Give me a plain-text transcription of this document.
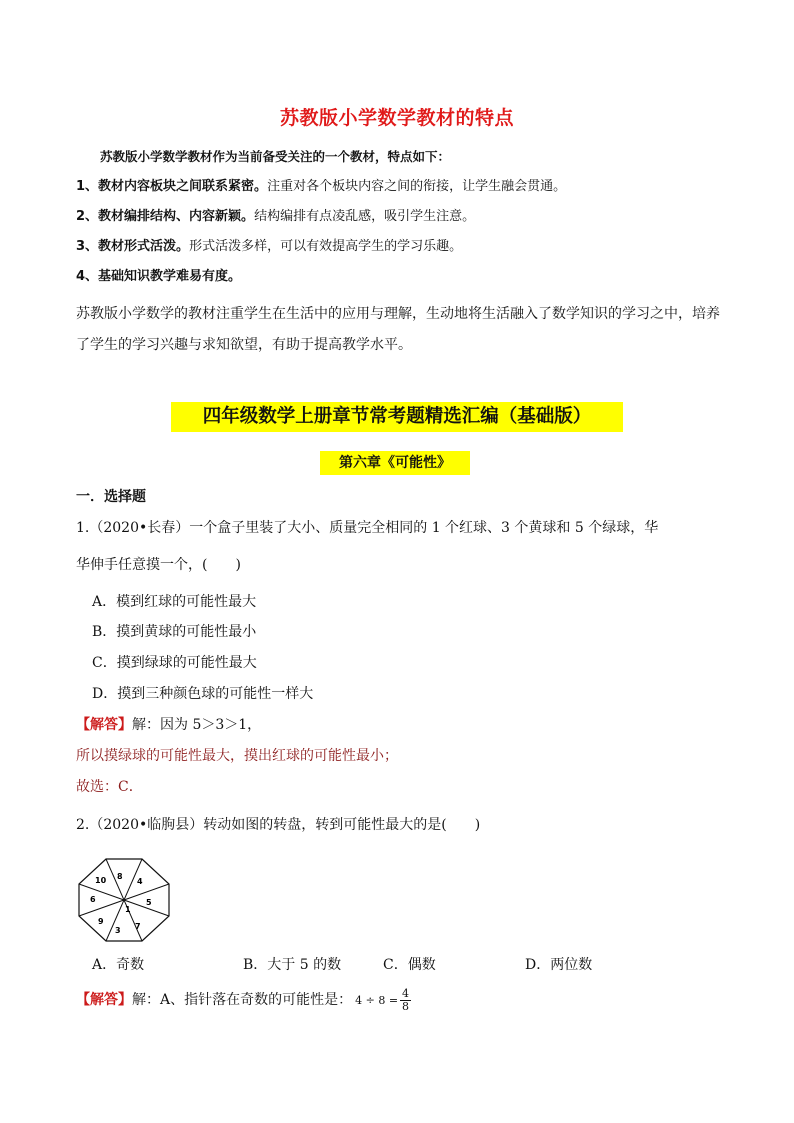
苏教版小学数学教材的特点
苏教版小学数学教材作为当前备受关注的一个教材，特点如下：
1、教材内容板块之间联系紧密。注重对各个板块内容之间的衔接，让学生融会贯通。
2、教材编排结构、内容新颖。结构编排有点凌乱感，吸引学生注意。
3、教材形式活泼。形式活泼多样，可以有效提高学生的学习乐趣。
4、基础知识教学难易有度。
苏教版小学数学的教材注重学生在生活中的应用与理解，生动地将生活融入了数学知识的学习之中，培养了学生的学习兴趣与求知欲望，有助于提高教学水平。
四年级数学上册章节常考题精选汇编（基础版）
第六章《可能性》
一．选择题
1.（2020•长春）一个盒子里装了大小、质量完全相同的 1 个红球、3 个黄球和 5 个绿球，华
华伸手任意摸一个，(　　)
A．模到红球的可能性最大
B．摸到黄球的可能性最小
C．摸到绿球的可能性最大
D．摸到三种颜色球的可能性一样大
【解答】解：因为 5＞3＞1，
所以摸绿球的可能性最大，摸出红球的可能性最小；
故选：C．
2.（2020•临朐县）转动如图的转盘，转到可能性最大的是(　　)
8
4
5
7
3
1
9
6
10
A．奇数	B．大于 5 的数	C．偶数	D．两位数
【解答】解：A、指针落在奇数的可能性是： $4 \div 8 = \frac{4}{8}$
